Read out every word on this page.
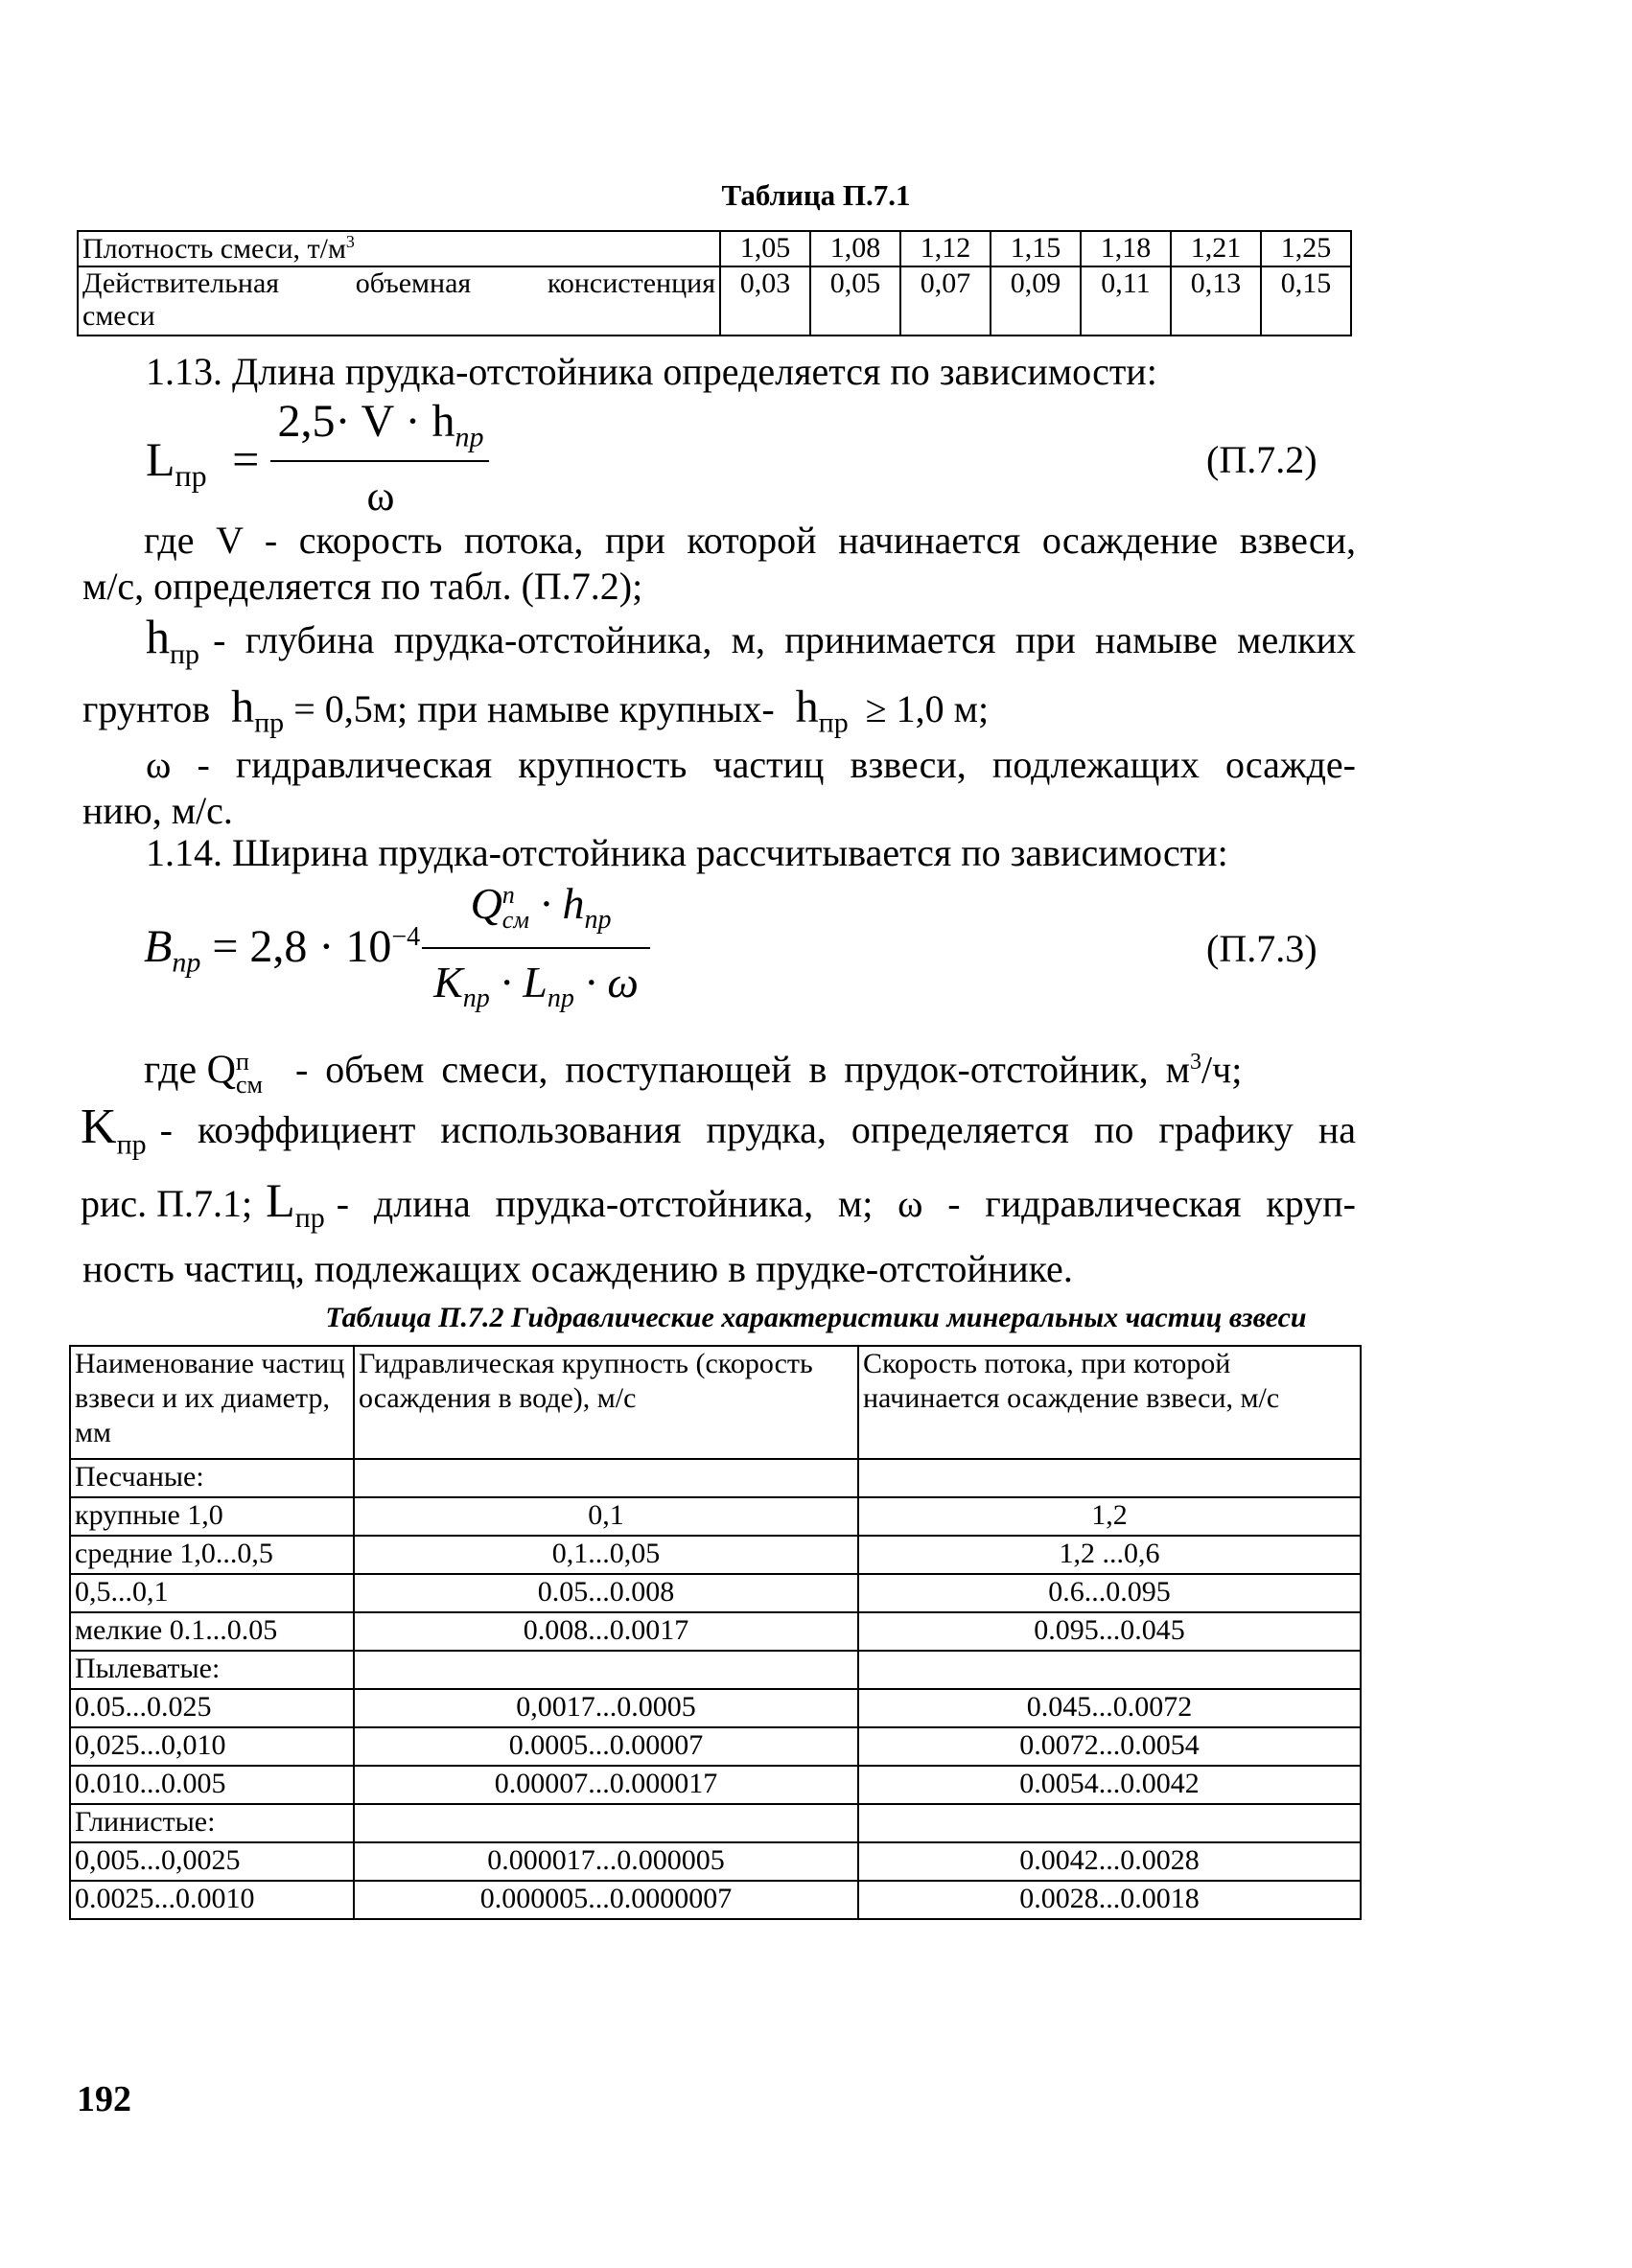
Таблица П.7.1
Плотность смеси, $т/м^3$	1,05	1,08	1,12	1,15	1,18	1,21	1,25

Действительная объемная консистенция
смеси	0,03	0,05	0,07	0,09	0,11	0,13	0,15
1.13. Длина прудка-отстойника определяется по зависимости:
$L_{пр}$ =
$2,5\cdot V \cdot h_{пр}$
ω
(П.7.2)
где V - скорость потока, при которой начинается осаждение взвеси,
м/с, определяется по табл. (П.7.2);
$h_{пр}$ - глубина прудка-отстойника, м, принимается при намыве мелких
грунтов $h_{пр} = 0,5м$; при намыве крупных- $h_{пр} \ge 1,0$ м;
ω - гидравлическая крупность частиц взвеси, подлежащих осажде-
нию, м/с.
1.14. Ширина прудка-отстойника рассчитывается по зависимости:
$B_{пр} = 2,8 \cdot 10^{-4}$
Q п
см · $h_{пр}$
$K_{пр} \cdot L_{пр} \cdot \omega$
(П.7.3)
где Q п
см - объем смеси, поступающей в прудок-отстойник, $м^3/ч$;
$K_{пр}$ - коэффициент использования прудка, определяется по графику на
рис. П.7.1; $L_{пр}$ - длина прудка-отстойника, м; ω - гидравлическая круп-
ность частиц, подлежащих осаждению в прудке-отстойнике.
Таблица П.7.2 Гидравлические характеристики минеральных частиц взвеси
Наименование частиц взвеси и их диаметр, мм	Гидравлическая крупность (скорость осаждения в воде), м/с	Скорость потока, при которой начинается осаждение взвеси, м/с
Песчаные:		
крупные 1,0	0,1	1,2
средние 1,0...0,5	0,1...0,05	1,2 ...0,6
0,5...0,1	0.05...0.008	0.6...0.095
мелкие 0.1...0.05	0.008...0.0017	0.095...0.045
Пылеватые:		
0.05...0.025	0,0017...0.0005	0.045...0.0072
0,025...0,010	0.0005...0.00007	0.0072...0.0054
0.010...0.005	0.00007...0.000017	0.0054...0.0042
Глинистые:		
0,005...0,0025	0.000017...0.000005	0.0042...0.0028
0.0025...0.0010	0.000005...0.0000007	0.0028...0.0018
192
